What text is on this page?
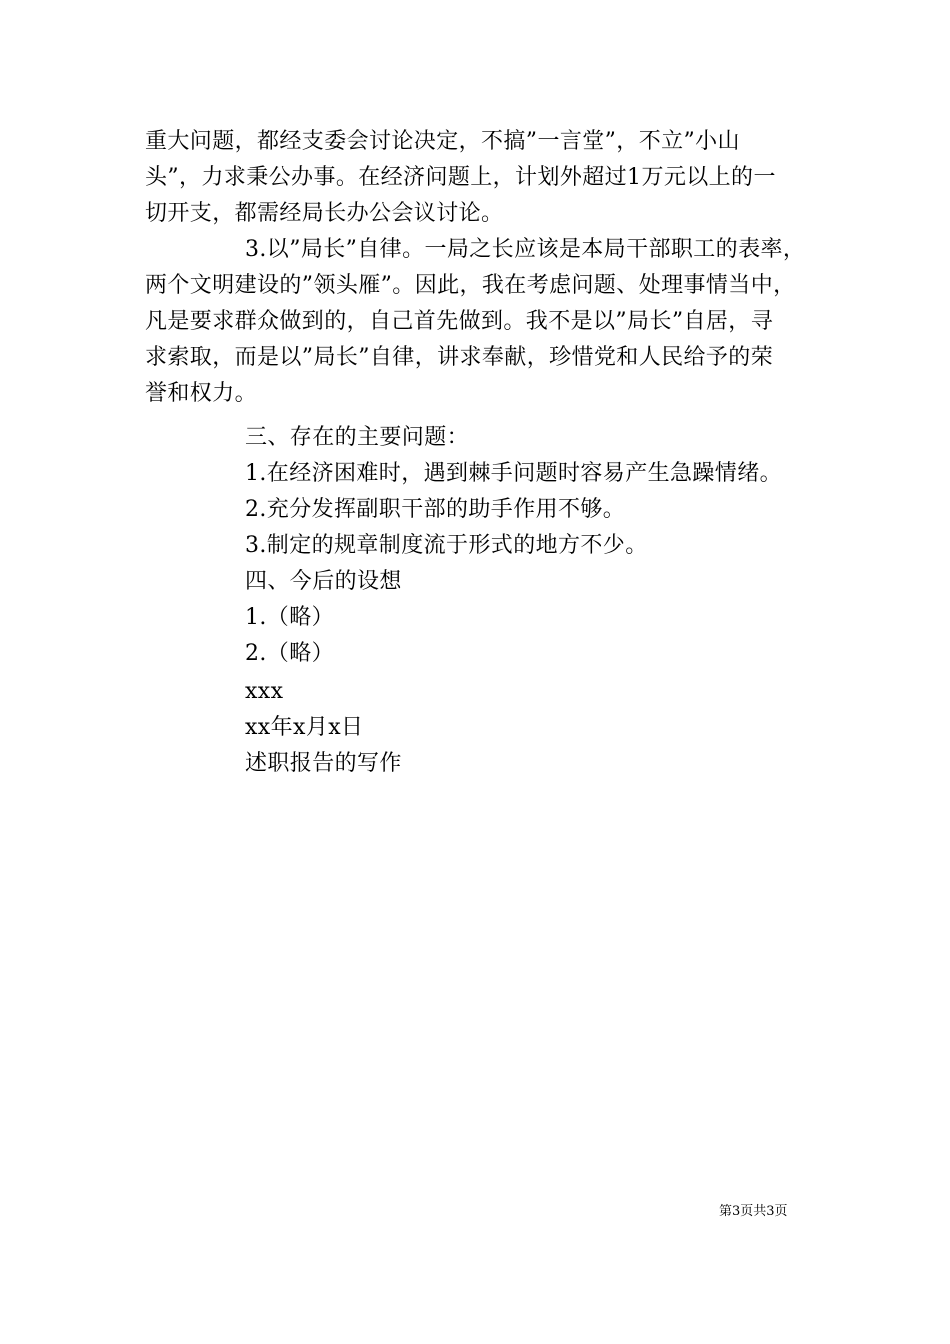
重大问题，都经支委会讨论决定，不搞”一言堂”，不立”小山
头”，力求秉公办事。在经济问题上，计划外超过1万元以上的一
切开支，都需经局长办公会议讨论。
3.以”局长”自律。一局之长应该是本局干部职工的表率，
两个文明建设的”领头雁”。因此，我在考虑问题、处理事情当中，
凡是要求群众做到的，自己首先做到。我不是以”局长”自居，寻
求索取，而是以”局长”自律，讲求奉献，珍惜党和人民给予的荣
誉和权力。
三、存在的主要问题：
1.在经济困难时，遇到棘手问题时容易产生急躁情绪。
2.充分发挥副职干部的助手作用不够。
3.制定的规章制度流于形式的地方不少。
四、今后的设想
1.（略）
2.（略）
xxx
xx年x月x日
述职报告的写作
第3页共3页
